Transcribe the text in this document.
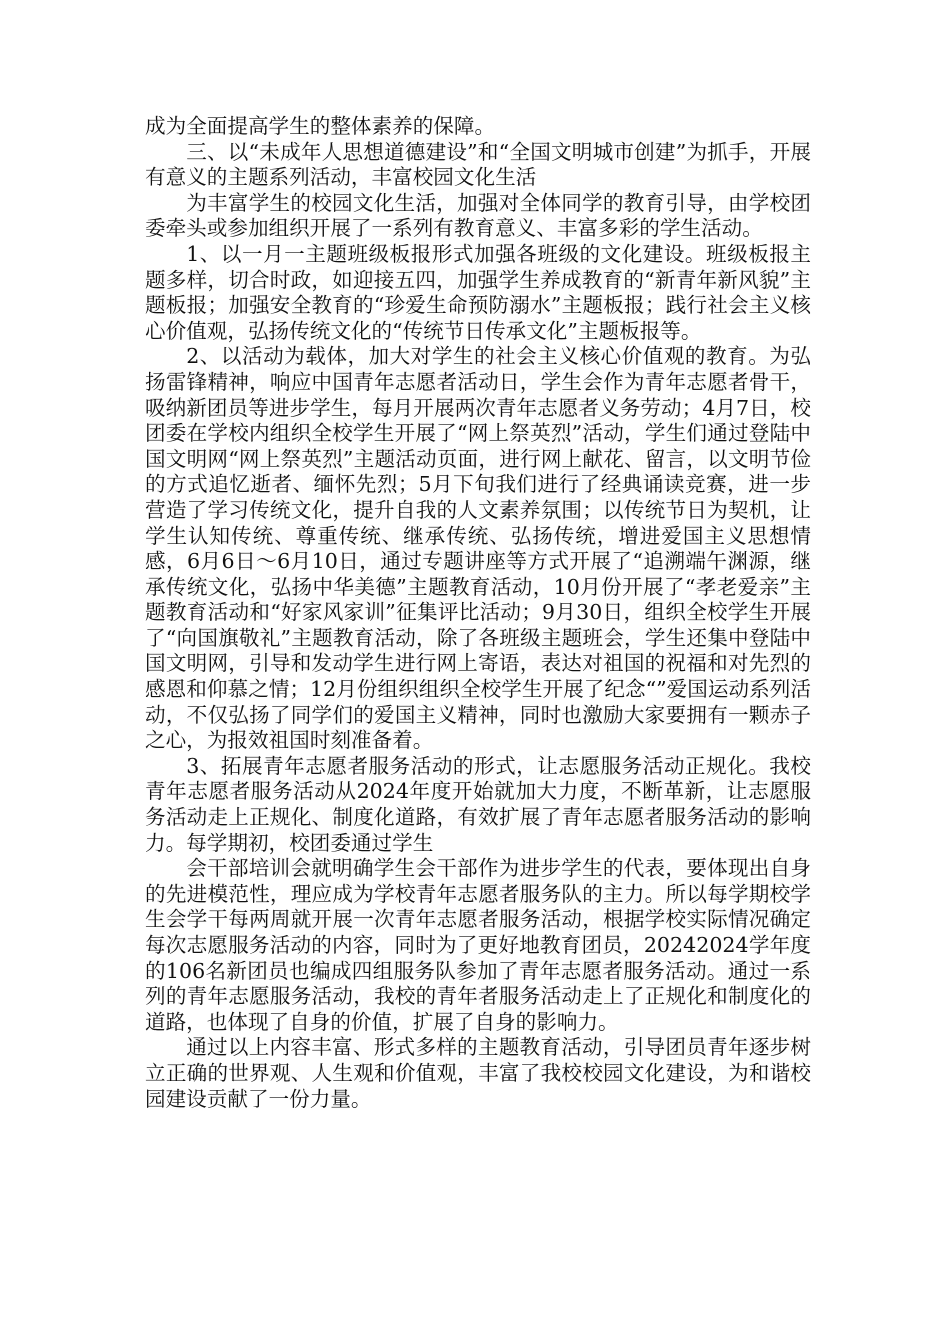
成为全面提高学生的整体素养的保障。

三、以“未成年人思想道德建设”和“全国文明城市创建”为抓手，开展有意义的主题系列活动，丰富校园文化生活

为丰富学生的校园文化生活，加强对全体同学的教育引导，由学校团委牵头或参加组织开展了一系列有教育意义、丰富多彩的学生活动。

1、以一月一主题班级板报形式加强各班级的文化建设。班级板报主题多样，切合时政，如迎接五四，加强学生养成教育的“新青年新风貌”主题板报；加强安全教育的“珍爱生命预防溺水”主题板报；践行社会主义核心价值观，弘扬传统文化的“传统节日传承文化”主题板报等。

2、以活动为载体，加大对学生的社会主义核心价值观的教育。为弘扬雷锋精神，响应中国青年志愿者活动日，学生会作为青年志愿者骨干，吸纳新团员等进步学生，每月开展两次青年志愿者义务劳动；4月7日，校团委在学校内组织全校学生开展了“网上祭英烈”活动，学生们通过登陆中国文明网“网上祭英烈”主题活动页面，进行网上献花、留言，以文明节俭的方式追忆逝者、缅怀先烈；5月下旬我们进行了经典诵读竞赛，进一步营造了学习传统文化，提升自我的人文素养氛围；以传统节日为契机，让学生认知传统、尊重传统、继承传统、弘扬传统，增进爱国主义思想情感，6月6日～6月10日，通过专题讲座等方式开展了“追溯端午渊源，继承传统文化，弘扬中华美德”主题教育活动，10月份开展了“孝老爱亲”主题教育活动和“好家风家训”征集评比活动；9月30日，组织全校学生开展了“向国旗敬礼”主题教育活动，除了各班级主题班会，学生还集中登陆中国文明网，引导和发动学生进行网上寄语，表达对祖国的祝福和对先烈的感恩和仰慕之情；12月份组织组织全校学生开展了纪念“”爱国运动系列活动，不仅弘扬了同学们的爱国主义精神，同时也激励大家要拥有一颗赤子之心，为报效祖国时刻准备着。

3、拓展青年志愿者服务活动的形式，让志愿服务活动正规化。我校青年志愿者服务活动从2024年度开始就加大力度，不断革新，让志愿服务活动走上正规化、制度化道路，有效扩展了青年志愿者服务活动的影响力。每学期初，校团委通过学生

会干部培训会就明确学生会干部作为进步学生的代表，要体现出自身的先进模范性，理应成为学校青年志愿者服务队的主力。所以每学期校学生会学干每两周就开展一次青年志愿者服务活动，根据学校实际情况确定每次志愿服务活动的内容，同时为了更好地教育团员，20242024学年度的106名新团员也编成四组服务队参加了青年志愿者服务活动。通过一系列的青年志愿服务活动，我校的青年者服务活动走上了正规化和制度化的道路，也体现了自身的价值，扩展了自身的影响力。

通过以上内容丰富、形式多样的主题教育活动，引导团员青年逐步树立正确的世界观、人生观和价值观，丰富了我校校园文化建设，为和谐校园建设贡献了一份力量。
